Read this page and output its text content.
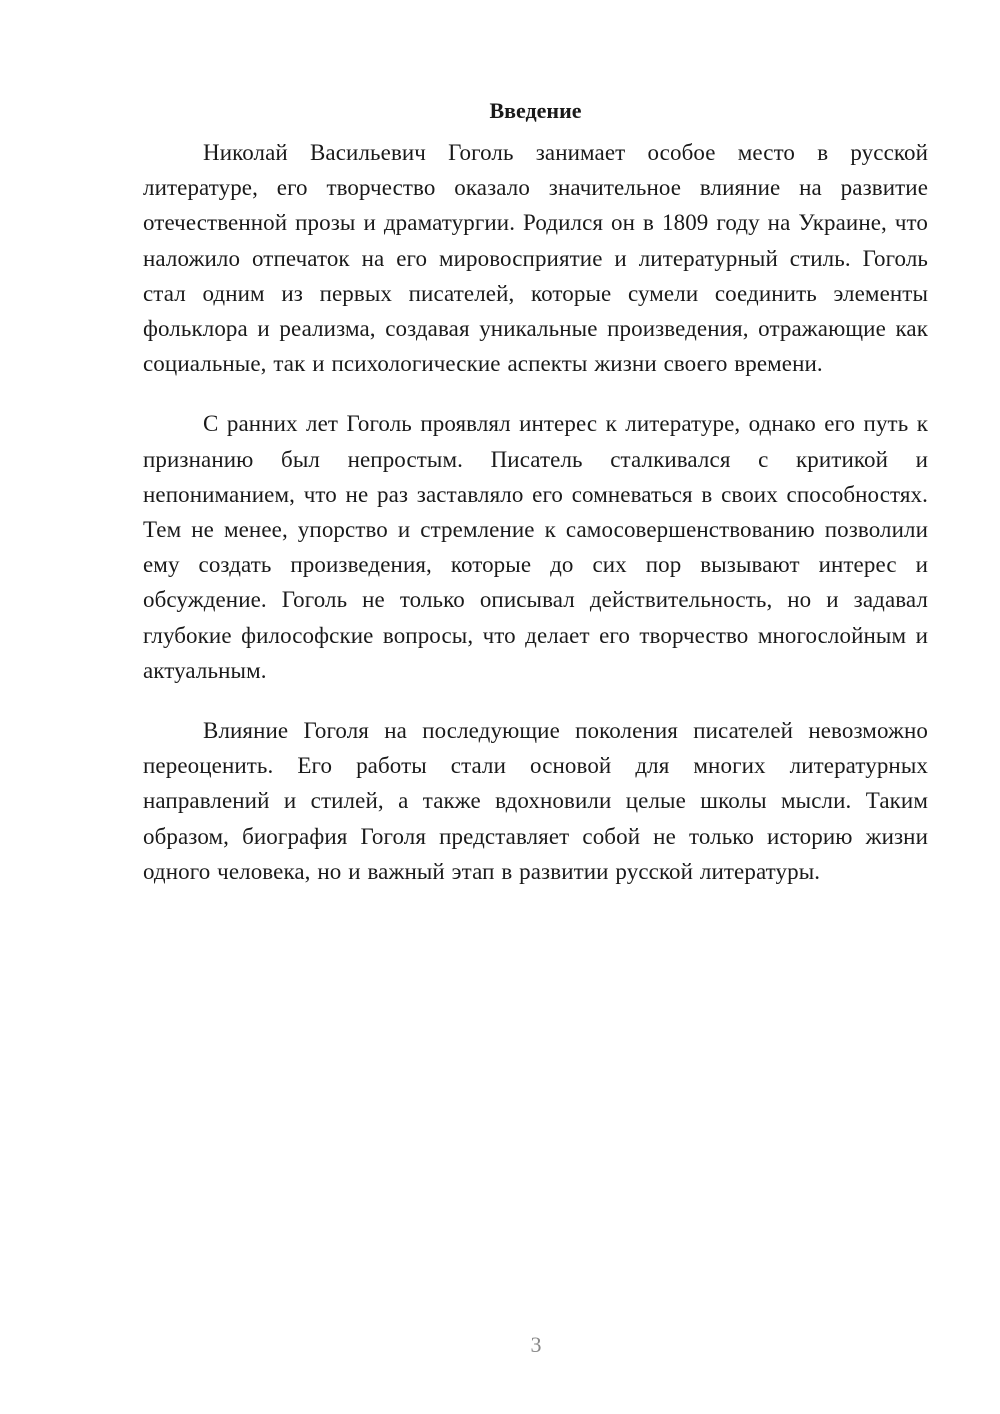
Введение

Николай Васильевич Гоголь занимает особое место в русской литературе, его творчество оказало значительное влияние на развитие отечественной прозы и драматургии. Родился он в 1809 году на Украине, что наложило отпечаток на его мировосприятие и литературный стиль. Гоголь стал одним из первых писателей, которые сумели соединить элементы фольклора и реализма, создавая уникальные произведения, отражающие как социальные, так и психологические аспекты жизни своего времени.

С ранних лет Гоголь проявлял интерес к литературе, однако его путь к признанию был непростым. Писатель сталкивался с критикой и непониманием, что не раз заставляло его сомневаться в своих способностях. Тем не менее, упорство и стремление к самосовершенствованию позволили ему создать произведения, которые до сих пор вызывают интерес и обсуждение. Гоголь не только описывал действительность, но и задавал глубокие философские вопросы, что делает его творчество многослойным и актуальным.

Влияние Гоголя на последующие поколения писателей невозможно переоценить. Его работы стали основой для многих литературных направлений и стилей, а также вдохновили целые школы мысли. Таким образом, биография Гоголя представляет собой не только историю жизни одного человека, но и важный этап в развитии русской литературы.

3
